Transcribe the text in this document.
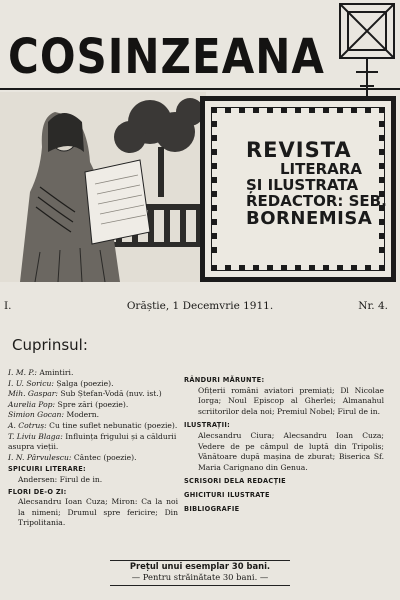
COSINZEANA
REVISTA
LITERARA
ȘI ILUSTRATA
REDACTOR: SEB.
BORNEMISA
I.	Orăștie, 1 Decemvrie 1911.	Nr. 4.
Cuprinsul:
I. M. P.: Amintiri.
I. U. Soricu: Șalga (poezie).
Mih. Gaspar: Sub Ștefan-Vodă (nuv. ist.)
Aurelia Pop: Spre zări (poezie).
Simion Gocan: Modern.
A. Cotruș: Cu tine suflet nebunatic (poezie).
T. Liviu Blaga: Influința frigului și a căldurii asupra vieții.
I. N. Pârvulescu: Cântec (poezie).
SPICUIRI LITERARE:
Andersen: Firul de in.
FLORI DE-O ZI:
Alecsandru Ioan Cuza; Miron: Ca la noi la nimeni; Drumul spre fericire; Din Tripolitania.
RÂNDURI MĂRUNTE:
Ofițerii români aviatori premiați; Dl Nicolae Iorga; Noul Episcop al Gherlei; Almanahul scriitorilor dela noi; Premiul Nobel; Firul de in.
ILUSTRAȚII:
Alecsandru Ciura; Alecsandru Ioan Cuza; Vedere de pe câmpul de luptă din Tripolis; Vânătoare după mașina de zburat; Biserica Sf. Maria Carignano din Genua.
SCRISORI DELA REDACȚIE
GHICITURI ILUSTRATE
BIBLIOGRAFIE
Prețul unui esemplar 30 bani.
— Pentru străinătate 30 bani. —
